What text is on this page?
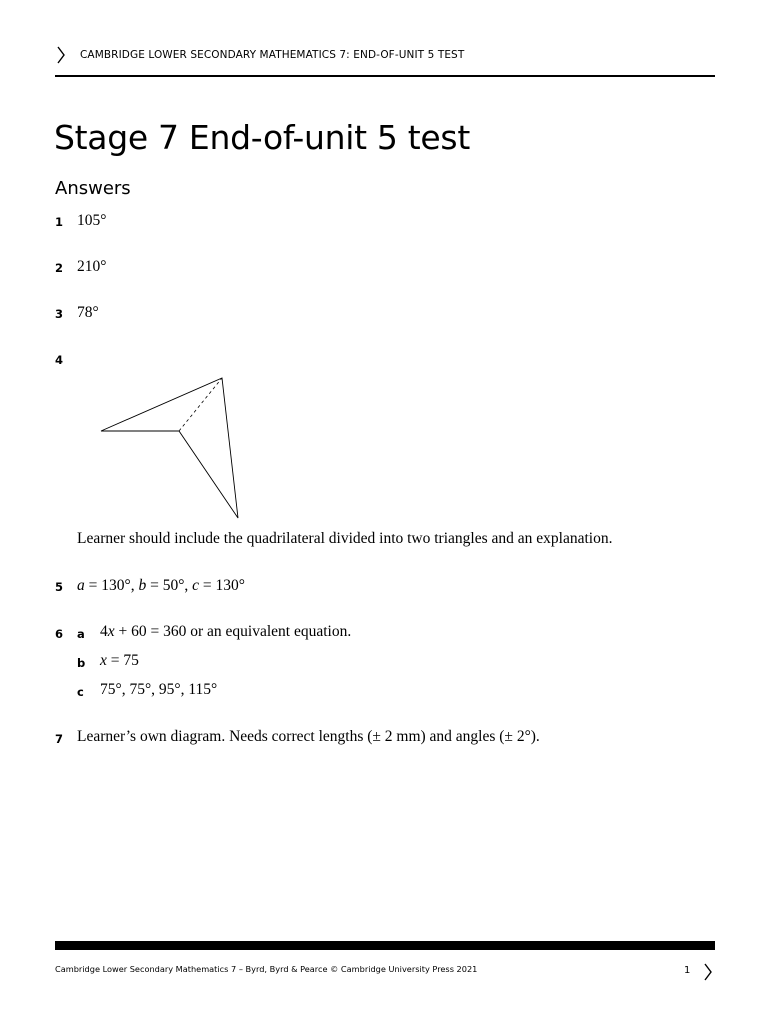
CAMBRIDGE LOWER SECONDARY MATHEMATICS 7: END-OF-UNIT 5 TEST
Stage 7 End-of-unit 5 test
Answers
1 105°
2 210°
3 78°
4
Learner should include the quadrilateral divided into two triangles and an explanation.
5 a = 130°, b = 50°, c = 130°
6 a 4x + 60 = 360 or an equivalent equation.
b x = 75
c 75°, 75°, 95°, 115°
7 Learner’s own diagram. Needs correct lengths (± 2 mm) and angles (± 2°).
Cambridge Lower Secondary Mathematics 7 – Byrd, Byrd & Pearce © Cambridge University Press 2021	1
